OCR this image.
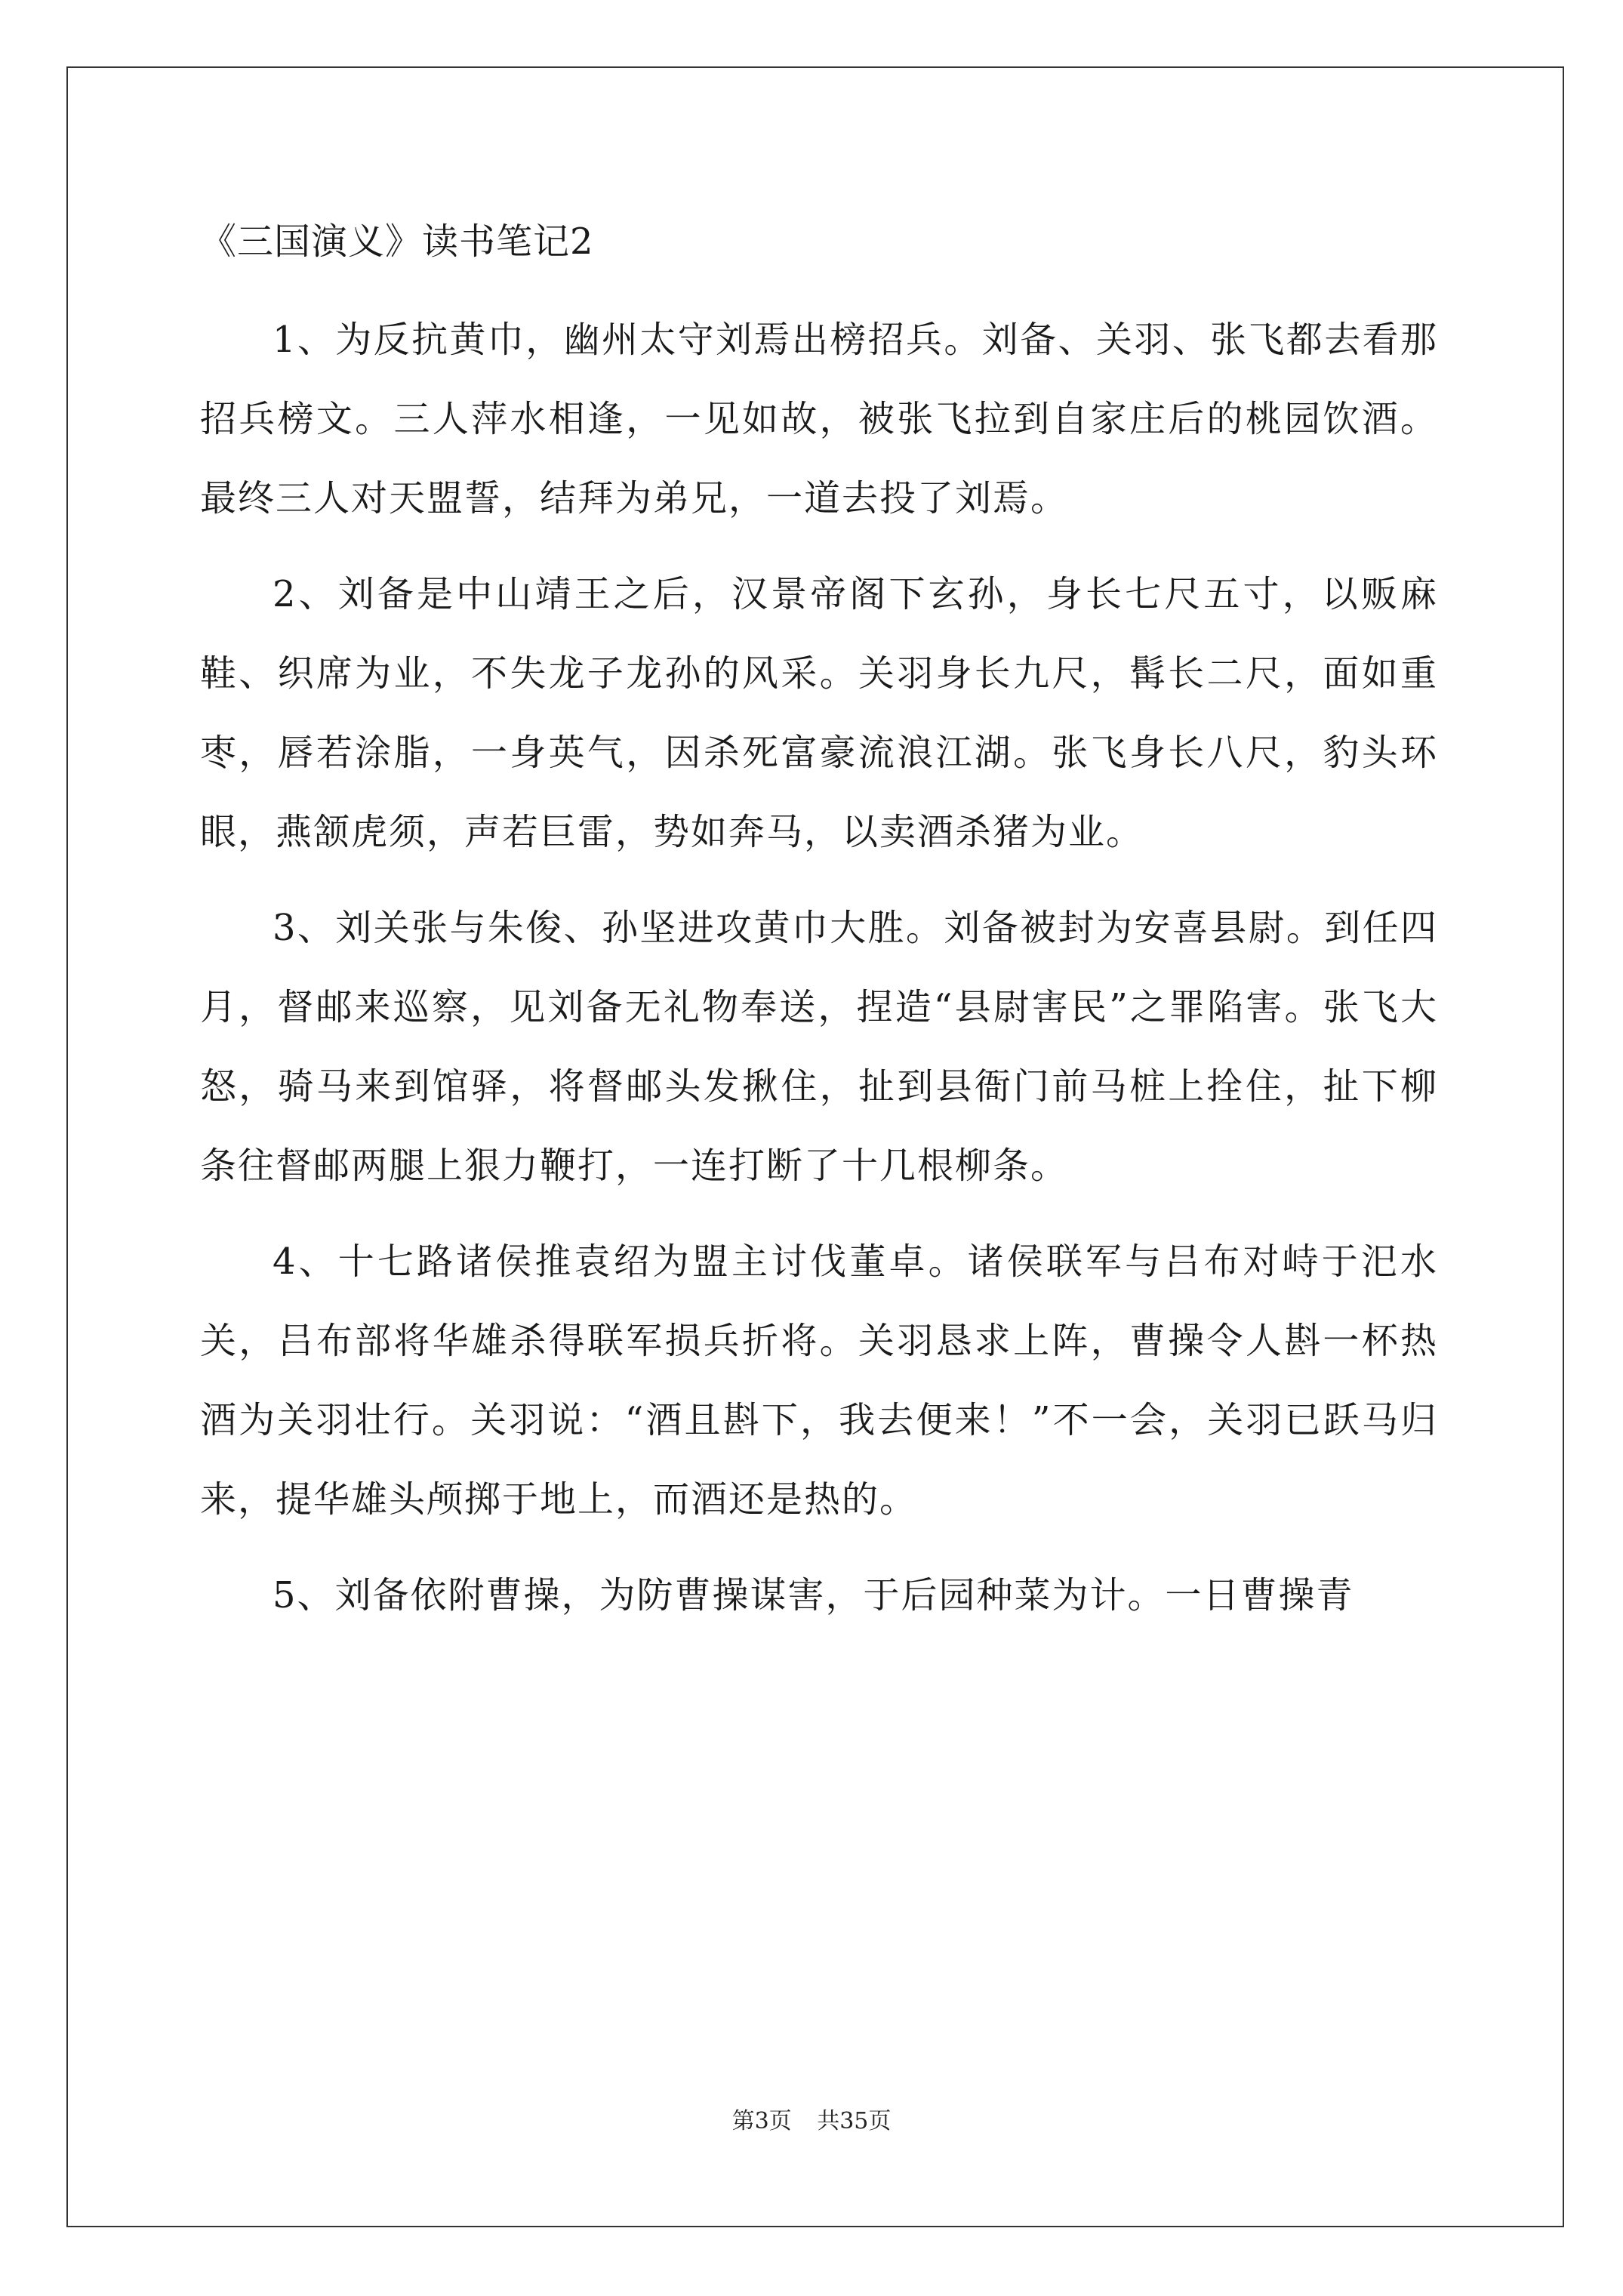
《三国演义》读书笔记2

1、为反抗黄巾，幽州太守刘焉出榜招兵。刘备、关羽、张飞都去看那招兵榜文。三人萍水相逢，一见如故，被张飞拉到自家庄后的桃园饮酒。最终三人对天盟誓，结拜为弟兄，一道去投了刘焉。

2、刘备是中山靖王之后，汉景帝阁下玄孙，身长七尺五寸，以贩麻鞋、织席为业，不失龙子龙孙的风采。关羽身长九尺，髯长二尺，面如重枣，唇若涂脂，一身英气，因杀死富豪流浪江湖。张飞身长八尺，豹头环眼，燕颔虎须，声若巨雷，势如奔马，以卖酒杀猪为业。

3、刘关张与朱俊、孙坚进攻黄巾大胜。刘备被封为安喜县尉。到任四月，督邮来巡察，见刘备无礼物奉送，捏造“县尉害民”之罪陷害。张飞大怒，骑马来到馆驿，将督邮头发揪住，扯到县衙门前马桩上拴住，扯下柳条往督邮两腿上狠力鞭打，一连打断了十几根柳条。

4、十七路诸侯推袁绍为盟主讨伐董卓。诸侯联军与吕布对峙于汜水关，吕布部将华雄杀得联军损兵折将。关羽恳求上阵，曹操令人斟一杯热酒为关羽壮行。关羽说：“酒且斟下，我去便来！”不一会，关羽已跃马归来，提华雄头颅掷于地上，而酒还是热的。

5、刘备依附曹操，为防曹操谋害，于后园种菜为计。一日曹操青

第3页 共35页
